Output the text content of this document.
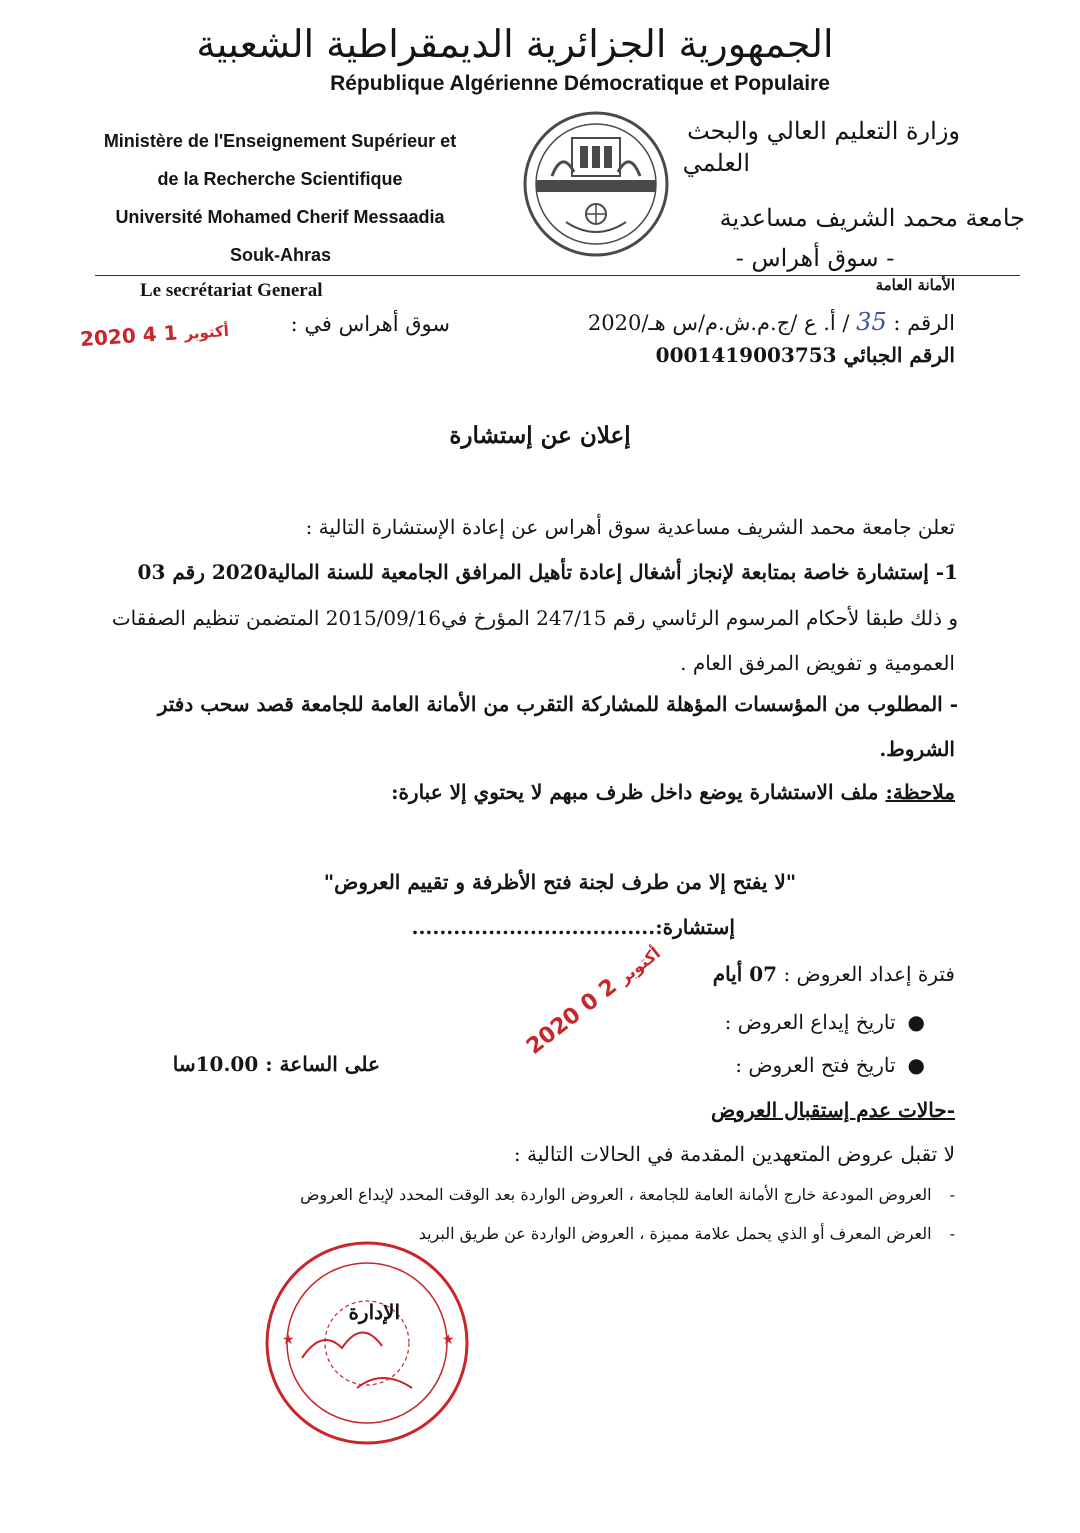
الجمهورية الجزائرية الديمقراطية الشعبية
République Algérienne Démocratique et Populaire
Ministère de l'Enseignement Supérieur et
de la Recherche Scientifique
Université Mohamed Cherif Messaadia
Souk-Ahras
وزارة التعليم العالي والبحث
العلمي
جامعة محمد الشريف مساعدية
- سوق أهراس -
Le secrétariat General	الأمانة العامة
2020	أكتوبر 1 4	سوق أهراس في :	الرقم : 35 / أ. ع /ج.م.ش.م/س هـ/2020
الرقم الجبائي 0001419003753
إعلان عن إستشارة
تعلن جامعة محمد الشريف مساعدية سوق أهراس عن إعادة الإستشارة التالية :
1- إستشارة خاصة بمتابعة لإنجاز أشغال إعادة تأهيل المرافق الجامعية للسنة المالية2020 رقم 03
و ذلك طبقا لأحكام المرسوم الرئاسي رقم 247/15 المؤرخ في2015/09/16 المتضمن تنظيم الصفقات
العمومية و تفويض المرفق العام .
- المطلوب من المؤسسات المؤهلة للمشاركة التقرب من الأمانة العامة للجامعة قصد سحب دفتر
الشروط.
ملاحظة: ملف الاستشارة يوضع داخل ظرف مبهم لا يحتوي إلا عبارة:
"لا يفتح إلا من طرف لجنة فتح الأظرفة و تقييم العروض"
إستشارة:...................................
فترة إعداد العروض : 07 أيام
●تاريخ إيداع العروض :
●تاريخ فتح العروض :
2020 أكتوبر 2 0
على الساعة : 10.00سا
-حالات عدم إستقبال العروض
لا تقبل عروض المتعهدين المقدمة في الحالات التالية :
-العروض المودعة خارج الأمانة العامة للجامعة ، العروض الواردة بعد الوقت المحدد لإيداع العروض
-العرض المعرف أو الذي يحمل علامة مميزة ، العروض الواردة عن طريق البريد
★	★
الإدارة
